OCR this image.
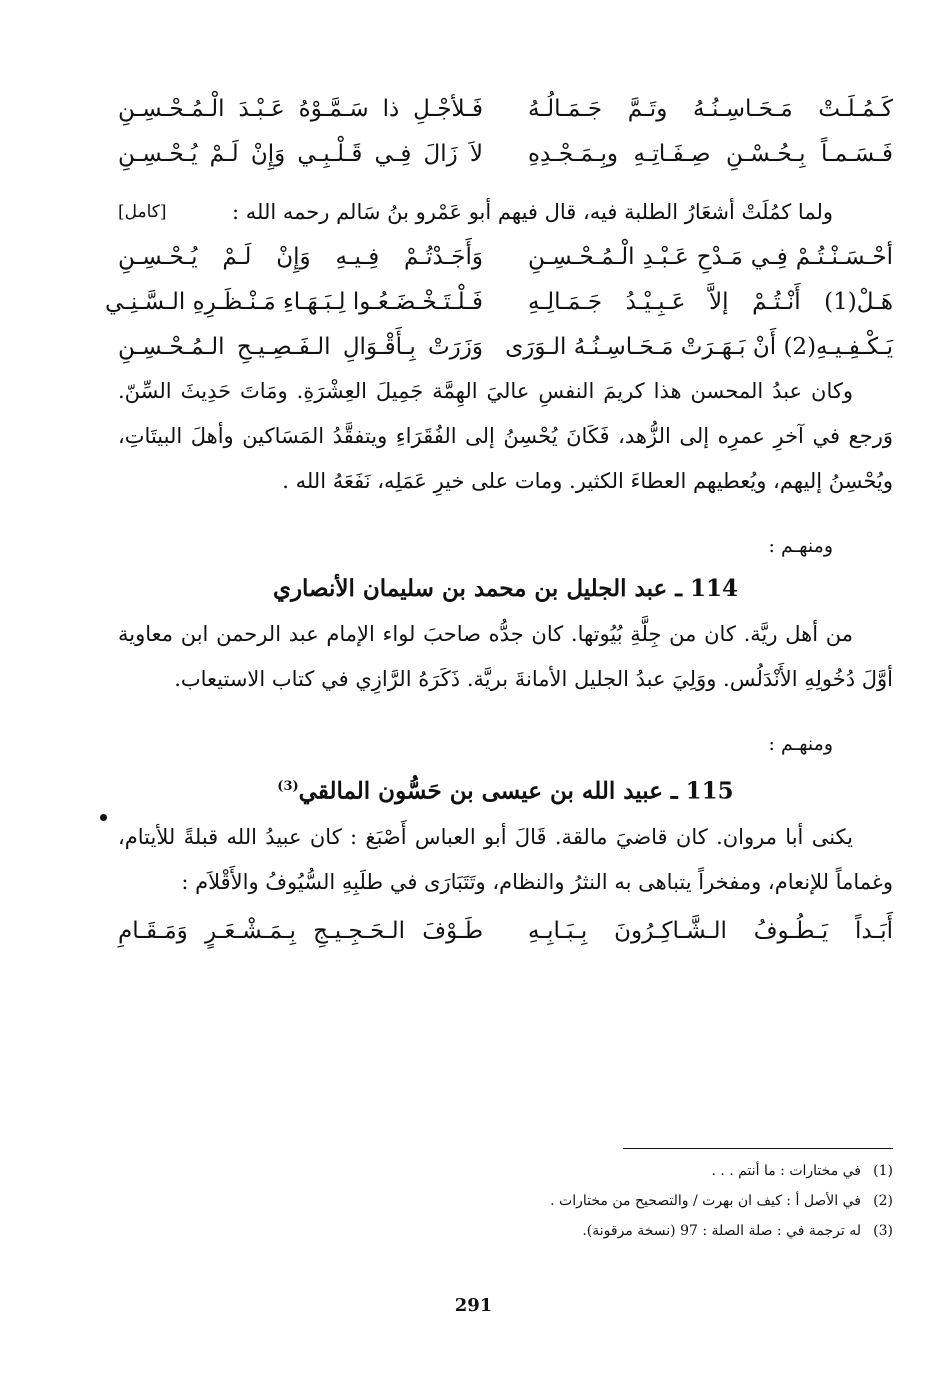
كَـمُـلَـتْ مَـحَـاسِـنُـهُ وتَـمَّ جَـمَـالُـهُ
فَـلأجْـلِ ذا سَـمَّـوْهُ عَـبْـدَ الْـمُـحْـسِـنِ
فَـسَـمـاً بِـحُـسْـنِ صِـفَـاتِـهِ وبِـمَـجْـدِهِ
لاَ زَالَ فِـي قَـلْـبِـي وَإِنْ لَـمْ يُـحْـسِـنِ

ولما كمُلَتْ أشعَارُ الطلبة فيه، قال فيهم أبو عَمْرو بنُ سَالم رحمه الله :
[كامل]

أحْـسَـنْـتُـمْ فِـي مَـدْحِ عَـبْـدِ الْـمُـحْـسِـنِ
وَأَجَـدْتُـمْ فِـيـهِ وَإِنْ لَـمْ يُـحْـسِـنِ
هَـلْ(1) أَنْـتُـمْ إلاَّ عَـبِـيْـدُ جَـمَـالِـهِ
فَـلْـتَـخْـضَـعُـوا لِـبَـهَـاءِ مَـنْـظَـرِهِ الـسَّـنِـي
يَـكْـفِـيـهِ(2) أَنْ بَـهَـرَتْ مَـحَـاسِـنُـهُ الـوَرَى
وَزَرَتْ بِـأَقْـوَالِ الـفَـصِـيـحِ الـمُـحْـسِـنِ

وكان عبدُ المحسن هذا كريمَ النفسِ عاليَ الهِمَّة جَمِيلَ العِشْرَةِ. ومَاتَ حَدِيثَ السِّنّ. وَرجع في آخرِ عمرِه إلى الزُّهد، فَكَانَ يُحْسِنُ إلى الفُقَرَاءِ ويتفقَّدُ المَسَاكين وأهلَ البيتَاتِ، ويُحْسِنُ إليهم، ويُعطيهم العطاءَ الكثير. ومات على خيرِ عَمَلِه، نَفَعَهُ الله .

ومنهـم :
114 ـ عبد الجليل بن محمد بن سليمان الأنصاري

من أهل ريَّة. كان من جِلَّةِ بُيُوتها. كان جدُّه صاحبَ لواء الإمام عبد الرحمن ابن معاوية أوَّلَ دُخُولِهِ الأَنْدَلُس. ووَلِيَ عبدُ الجليل الأمانةَ بريَّة. ذَكَرَهُ الرَّازِي في كتاب الاستيعاب.

ومنهـم :
115 ـ عبيد الله بن عيسى بن حَسُّون المالقي$^{(3)}$

يكنى أبا مروان. كان قاضيَ مالقة. قَالَ أبو العباس أَصْبَغ : كان عبيدُ الله قبلةً للأيتام، وغماماً للإنعام، ومفخراً يتباهى به النثرُ والنظام، وتَتَبَارَى في طلَبِهِ السُّيُوفُ والأَقْلاَم :

أَبَـداً يَـطُـوفُ الـشَّـاكِـرُونَ بِـبَـابِـهِ
طَـوْفَ الـحَـجِـيـجِ بِـمَـشْـعَـرٍ وَمَـقَـامِ
(1)
في مختارات : ما أنتم . . .
(2)
في الأصل أ : كيف ان بهرت / والتصحيح من مختارات .
(3)
له ترجمة في : صلة الصلة : 97 (نسخة مرقونة).
291
